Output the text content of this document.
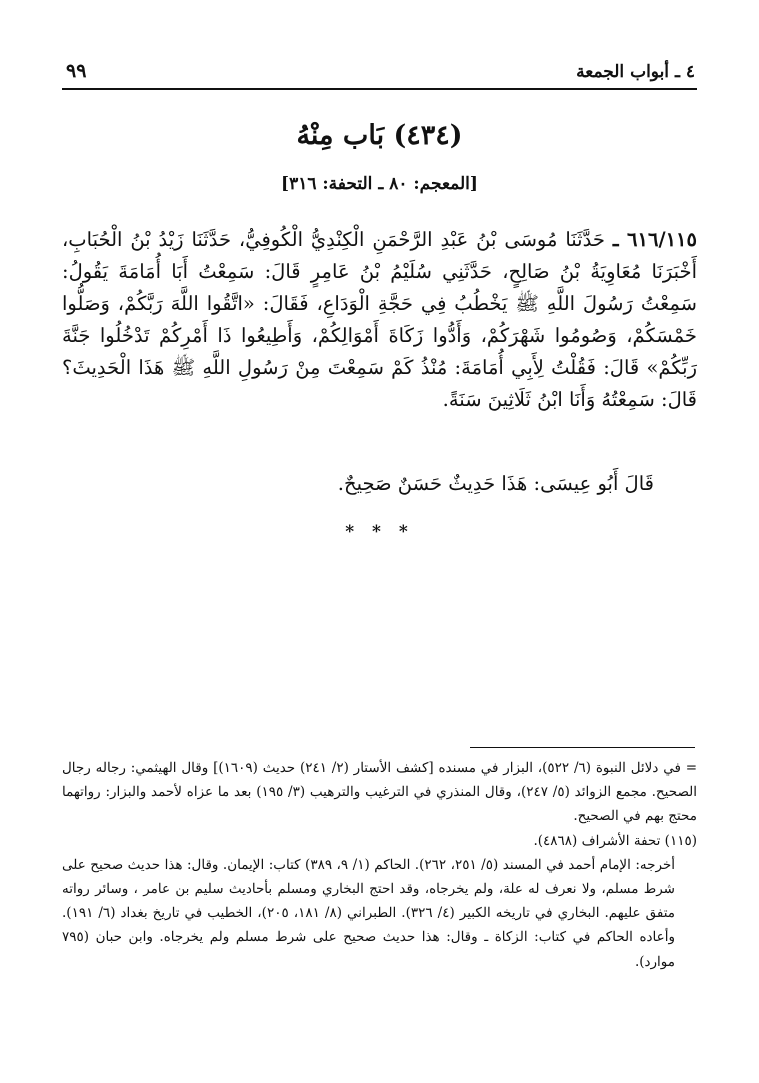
٤ ـ أبواب الجمعة
٩٩
(٤٣٤) بَاب مِنْهُ
[المعجم: ٨٠ ـ التحفة: ٣١٦]
٦١٦/١١٥ ـ حَدَّثَنَا مُوسَى بْنُ عَبْدِ الرَّحْمَنِ الْكِنْدِيُّ الْكُوفِيُّ، حَدَّثَنَا زَيْدُ بْنُ الْحُبَابِ، أَخْبَرَنَا مُعَاوِيَةُ بْنُ صَالِحٍ، حَدَّثَنِي سُلَيْمُ بْنُ عَامِرٍ قَالَ: سَمِعْتُ أَبَا أُمَامَةَ يَقُولُ: سَمِعْتُ رَسُولَ اللَّهِ ﷺ يَخْطُبُ فِي حَجَّةِ الْوَدَاعِ، فَقَالَ: «اتَّقُوا اللَّهَ رَبَّكُمْ، وَصَلُّوا خَمْسَكُمْ، وَصُومُوا شَهْرَكُمْ، وَأَدُّوا زَكَاةَ أَمْوَالِكُمْ، وَأَطِيعُوا ذَا أَمْرِكُمْ تَدْخُلُوا جَنَّةَ رَبِّكُمْ» قَالَ: فَقُلْتُ لِأَبِي أُمَامَةَ: مُنْذُ كَمْ سَمِعْتَ مِنْ رَسُولِ اللَّهِ ﷺ هَذَا الْحَدِيثَ؟ قَالَ: سَمِعْتُهُ وَأَنَا ابْنُ ثَلَاثِينَ سَنَةً.
قَالَ أَبُو عِيسَى: هَذَا حَدِيثٌ حَسَنٌ صَحِيحٌ.
* * *

= في دلائل النبوة (٦/ ٥٢٢)، البزار في مسنده [كشف الأستار (٢/ ٢٤١) حديث (١٦٠٩)] وقال الهيثمي: رجاله رجال الصحيح. مجمع الزوائد (٥/ ٢٤٧)، وقال المنذري في الترغيب والترهيب (٣/ ١٩٥) بعد ما عزاه لأحمد والبزار: رواتهما محتج بهم في الصحيح.

(١١٥) تحفة الأشراف (٤٨٦٨).

أخرجه: الإمام أحمد في المسند (٥/ ٢٥١، ٢٦٢). الحاكم (١/ ٩، ٣٨٩) كتاب: الإيمان. وقال: هذا حديث صحيح على شرط مسلم، ولا نعرف له علة، ولم يخرجاه، وقد احتج البخاري ومسلم بأحاديث سليم بن عامر ، وسائر رواته متفق عليهم. البخاري في تاريخه الكبير (٤/ ٣٢٦). الطبراني (٨/ ١٨١، ٢٠٥)، الخطيب في تاريخ بغداد (٦/ ١٩١). وأعاده الحاكم في كتاب: الزكاة ـ وقال: هذا حديث صحيح على شرط مسلم ولم يخرجاه. وابن حبان (٧٩٥ موارد).
